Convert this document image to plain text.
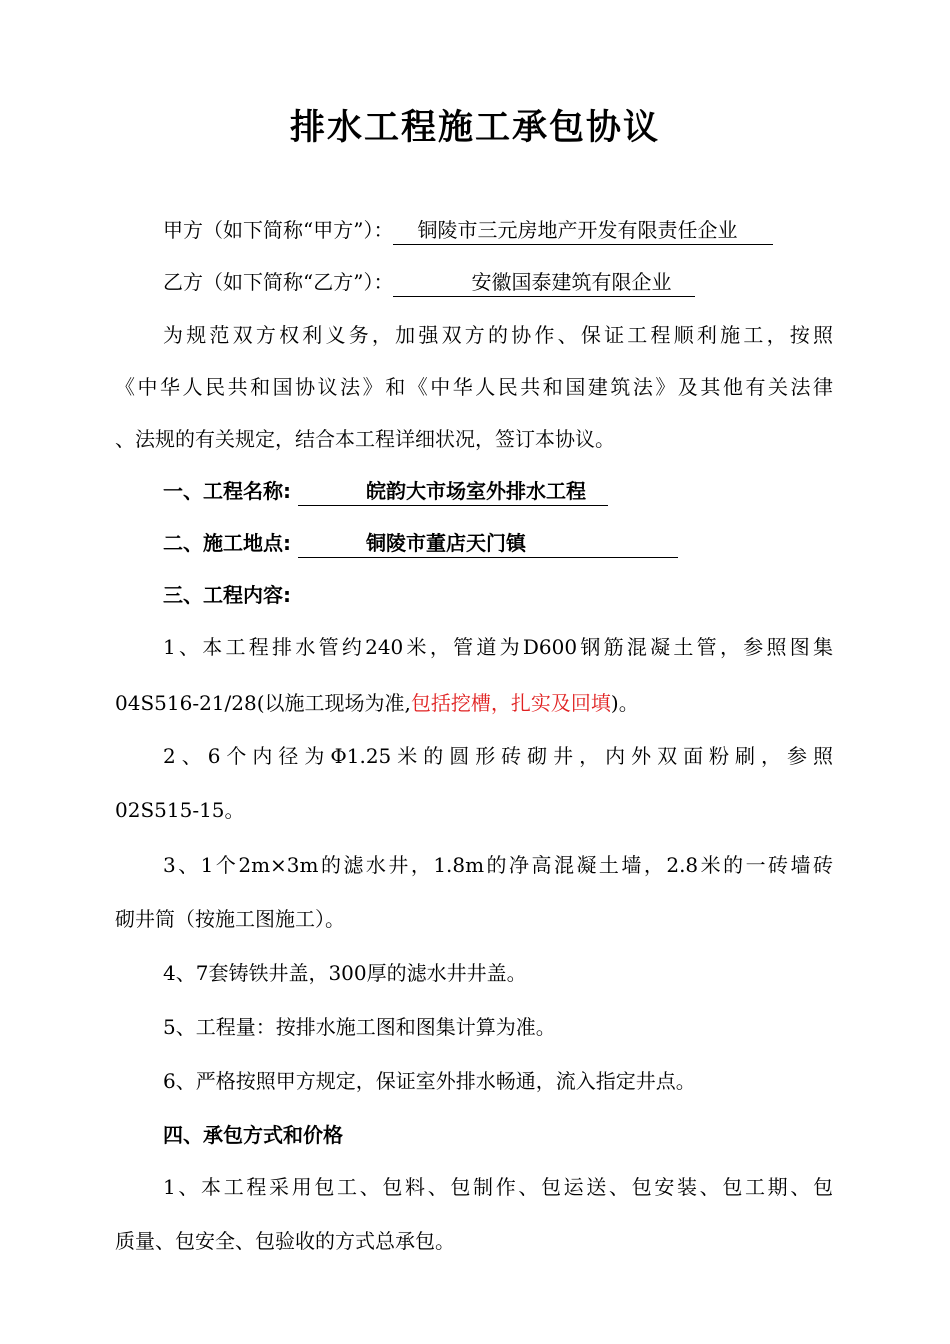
排水工程施工承包协议
甲方（如下简称“甲方”）： 铜陵市三元房地产开发有限责任企业
乙方（如下简称“乙方”）：	安徽国泰建筑有限企业
为规范双方权利义务，加强双方的协作、保证工程顺利施工，按照
《中华人民共和国协议法》和《中华人民共和国建筑法》及其他有关法律
、法规的有关规定，结合本工程详细状况，签订本协议。
一、工程名称:	皖韵大市场室外排水工程
二、施工地点:	铜陵市董店天门镇
三、工程内容:
1、本工程排水管约240米，管道为D600钢筋混凝土管，参照图集
04S516-21/28(以施工现场为准,包括挖槽，扎实及回填)。
2、6个内径为Φ1.25米的圆形砖砌井，内外双面粉刷，参照
02S515-15。
3、1个2m×3m的滤水井，1.8m的净高混凝土墙，2.8米的一砖墙砖
砌井筒（按施工图施工）。
4、7套铸铁井盖，300厚的滤水井井盖。
5、工程量：按排水施工图和图集计算为准。
6、严格按照甲方规定，保证室外排水畅通，流入指定井点。
四、承包方式和价格
1、本工程采用包工、包料、包制作、包运送、包安装、包工期、包
质量、包安全、包验收的方式总承包。
